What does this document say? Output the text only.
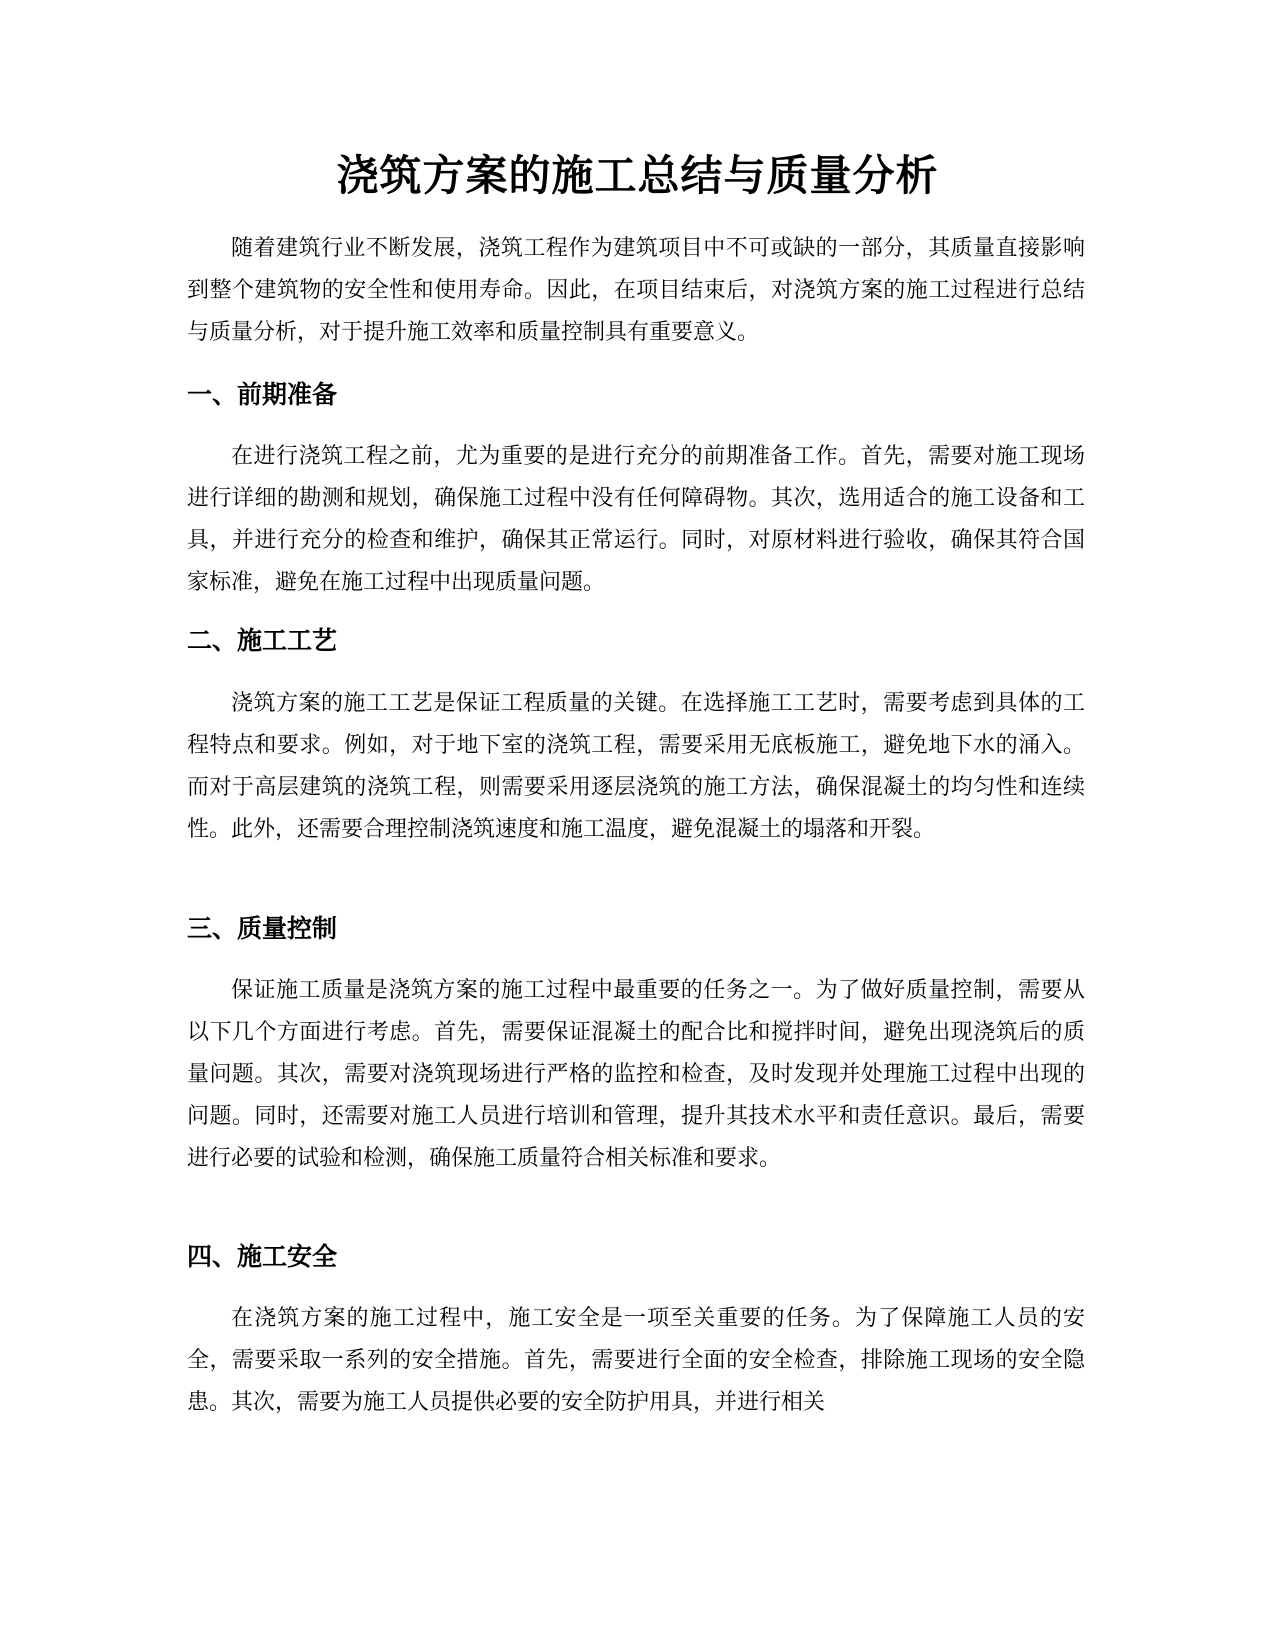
浇筑方案的施工总结与质量分析

随着建筑行业不断发展，浇筑工程作为建筑项目中不可或缺的一部分，其质量直接影响到整个建筑物的安全性和使用寿命。因此，在项目结束后，对浇筑方案的施工过程进行总结与质量分析，对于提升施工效率和质量控制具有重要意义。

一、前期准备

在进行浇筑工程之前，尤为重要的是进行充分的前期准备工作。首先，需要对施工现场进行详细的勘测和规划，确保施工过程中没有任何障碍物。其次，选用适合的施工设备和工具，并进行充分的检查和维护，确保其正常运行。同时，对原材料进行验收，确保其符合国家标准，避免在施工过程中出现质量问题。

二、施工工艺

浇筑方案的施工工艺是保证工程质量的关键。在选择施工工艺时，需要考虑到具体的工程特点和要求。例如，对于地下室的浇筑工程，需要采用无底板施工，避免地下水的涌入。而对于高层建筑的浇筑工程，则需要采用逐层浇筑的施工方法，确保混凝土的均匀性和连续性。此外，还需要合理控制浇筑速度和施工温度，避免混凝土的塌落和开裂。

三、质量控制

保证施工质量是浇筑方案的施工过程中最重要的任务之一。为了做好质量控制，需要从以下几个方面进行考虑。首先，需要保证混凝土的配合比和搅拌时间，避免出现浇筑后的质量问题。其次，需要对浇筑现场进行严格的监控和检查，及时发现并处理施工过程中出现的问题。同时，还需要对施工人员进行培训和管理，提升其技术水平和责任意识。最后，需要进行必要的试验和检测，确保施工质量符合相关标准和要求。

四、施工安全

在浇筑方案的施工过程中，施工安全是一项至关重要的任务。为了保障施工人员的安全，需要采取一系列的安全措施。首先，需要进行全面的安全检查，排除施工现场的安全隐患。其次，需要为施工人员提供必要的安全防护用具，并进行相关
